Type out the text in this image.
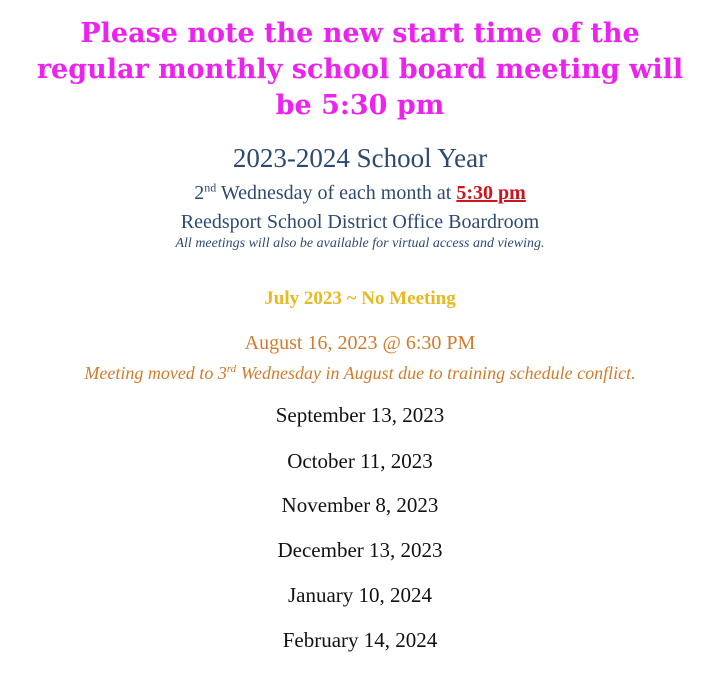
Please note the new start time of the
regular monthly school board meeting will
be 5:30 pm
2023-2024 School Year
2nd Wednesday of each month at 5:30 pm
Reedsport School District Office Boardroom
All meetings will also be available for virtual access and viewing.
July 2023 ~ No Meeting
August 16, 2023 @ 6:30 PM
Meeting moved to 3rd Wednesday in August due to training schedule conflict.
September 13, 2023
October 11, 2023
November 8, 2023
December 13, 2023
January 10, 2024
February 14, 2024
